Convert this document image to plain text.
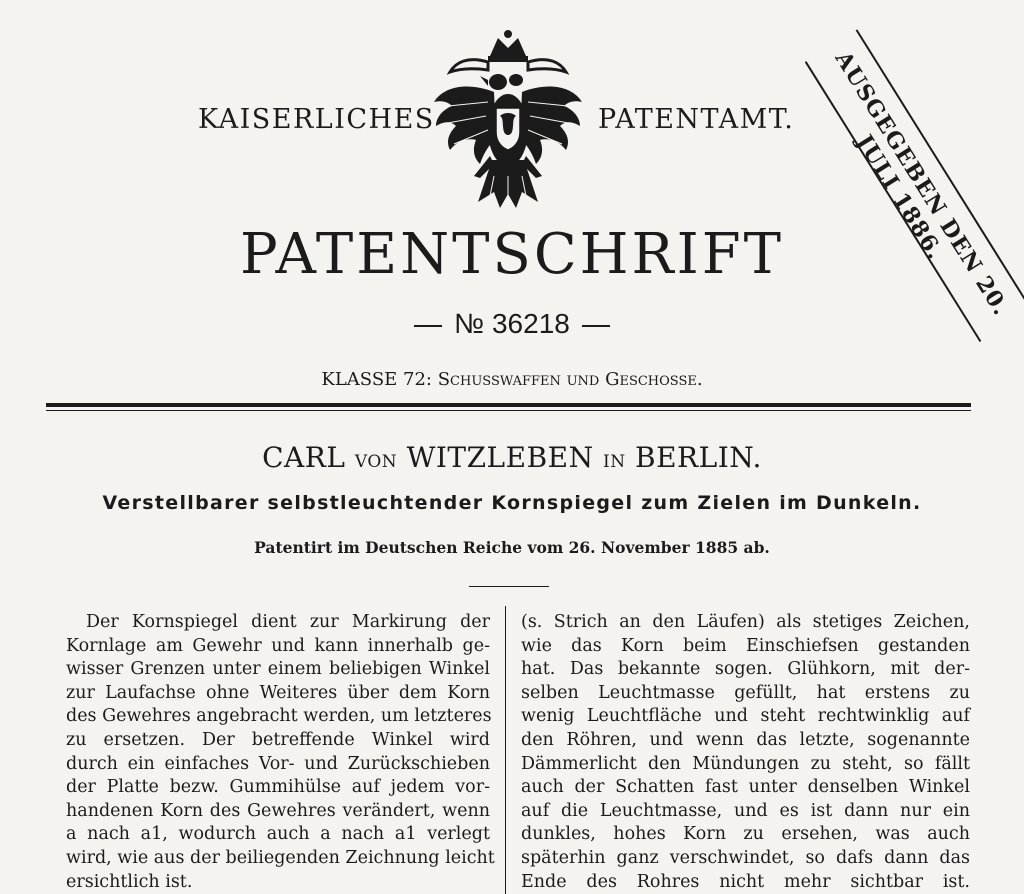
KAISERLICHES	PATENTAMT.
PATENTSCHRIFT
№ 36218
KLASSE 72: Schusswaffen und Geschosse.
AUSGEGEBEN DEN 20. JULI 1886.
CARL von WITZLEBEN in BERLIN.
Verstellbarer selbstleuchtender Kornspiegel zum Zielen im Dunkeln.
Patentirt im Deutschen Reiche vom 26. November 1885 ab.
Der Kornspiegel dient zur Markirung der
Kornlage am Gewehr und kann innerhalb ge-
wisser Grenzen unter einem beliebigen Winkel
zur Laufachse ohne Weiteres über dem Korn
des Gewehres angebracht werden, um letzteres
zu ersetzen. Der betreffende Winkel wird
durch ein einfaches Vor- und Zurückschieben
der Platte bezw. Gummihülse auf jedem vor-
handenen Korn des Gewehres verändert, wenn
a nach a1, wodurch auch a nach a1 verlegt
wird, wie aus der beiliegenden Zeichnung leicht
ersichtlich ist.
(s. Strich an den Läufen) als stetiges Zeichen,
wie das Korn beim Einschiefsen gestanden
hat. Das bekannte sogen. Glühkorn, mit der-
selben Leuchtmasse gefüllt, hat erstens zu
wenig Leuchtfläche und steht rechtwinklig auf
den Röhren, und wenn das letzte, sogenannte
Dämmerlicht den Mündungen zu steht, so fällt
auch der Schatten fast unter denselben Winkel
auf die Leuchtmasse, und es ist dann nur ein
dunkles, hohes Korn zu ersehen, was auch
späterhin ganz verschwindet, so dafs dann das
Ende des Rohres nicht mehr sichtbar ist.
